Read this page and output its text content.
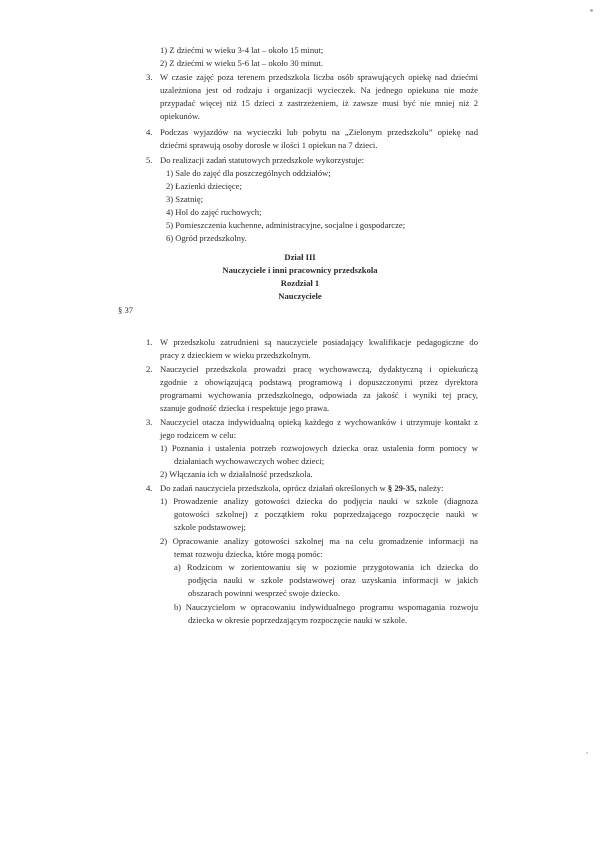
1) Z dziećmi w wieku 3-4 lat – około 15 minut;
2) Z dziećmi w wieku 5-6 lat – około 30 minut.
3. W czasie zajęć poza terenem przedszkola liczba osób sprawujących opiekę nad dziećmi
uzależniona jest od rodzaju i organizacji wycieczek. Na jednego opiekuna nie może
przypadać więcej niż 15 dzieci z zastrzeżeniem, iż zawsze musi być nie mniej niż 2
opiekunów.
4. Podczas wyjazdów na wycieczki lub pobytu na „Zielonym przedszkolu” opiekę nad
dziećmi sprawują osoby dorosłe w ilości 1 opiekun na 7 dzieci.
5. Do realizacji zadań statutowych przedszkole wykorzystuje:
1) Sale do zajęć dla poszczególnych oddziałów;
2) Łazienki dziecięce;
3) Szatnię;
4) Hol do zajęć ruchowych;
5) Pomieszczenia kuchenne, administracyjne, socjalne i gospodarcze;
6) Ogród przedszkolny.
Dział III
Nauczyciele i inni pracownicy przedszkola
Rozdział 1
Nauczyciele
§ 37
1. W przedszkolu zatrudnieni są nauczyciele posiadający kwalifikacje pedagogiczne do
pracy z dzieckiem w wieku przedszkolnym.
2. Nauczyciel przedszkola prowadzi pracę wychowawczą, dydaktyczną i opiekuńczą
zgodnie z obowiązującą podstawą programową i dopuszczonymi przez dyrektora
programami wychowania przedszkolnego, odpowiada za jakość i wyniki tej pracy,
szanuje godność dziecka i respektuje jego prawa.
3. Nauczyciel otacza indywidualną opieką każdego z wychowanków i utrzymuje kontakt z
jego rodzicem w celu:
1) Poznania i ustalenia potrzeb rozwojowych dziecka oraz ustalenia form pomocy w
działaniach wychowawczych wobec dzieci;
2) Włączania ich w działalność przedszkola.
4. Do zadań nauczyciela przedszkola, oprócz działań określonych w § 29-35, należy:
1) Prowadzenie analizy gotowości dziecka do podjęcia nauki w szkole (diagnoza
gotowości szkolnej) z początkiem roku poprzedzającego rozpoczęcie nauki w
szkole podstawowej;
2) Opracowanie analizy gotowości szkolnej ma na celu gromadzenie informacji na
temat rozwoju dziecka, które mogą pomóc:
a) Rodzicom w zorientowaniu się w poziomie przygotowania ich dziecka do
podjęcia nauki w szkole podstawowej oraz uzyskania informacji w jakich
obszarach powinni wesprzeć swoje dziecko.
b) Nauczycielom w opracowaniu indywidualnego programu wspomagania rozwoju
dziecka w okresie poprzedzającym rozpoczęcie nauki w szkole.
